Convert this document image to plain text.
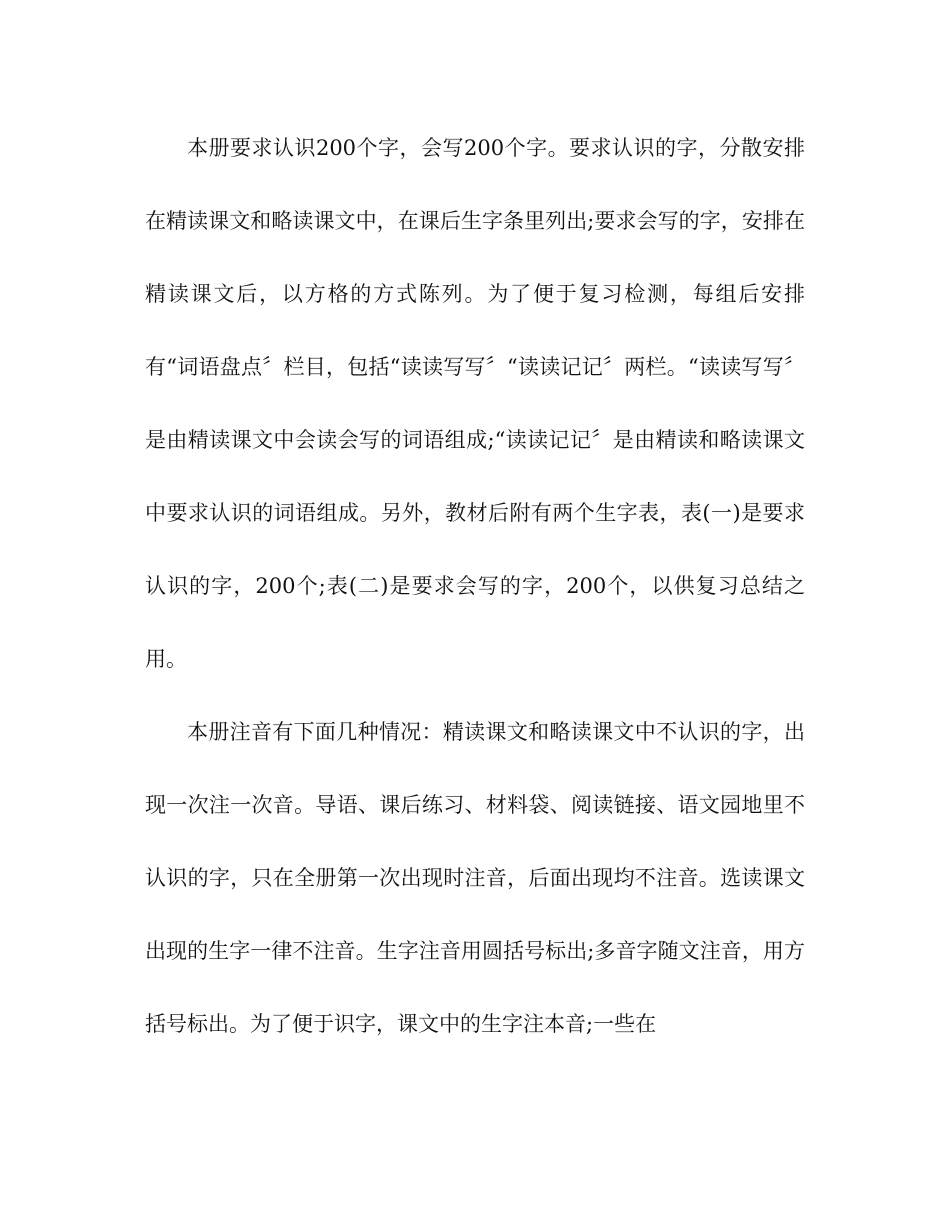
本册要求认识200个字，会写200个字。要求认识的字，分散安排在精读课文和略读课文中，在课后生字条里列出;要求会写的字，安排在精读课文后，以方格的方式陈列。为了便于复习检测，每组后安排有“词语盘点〞栏目，包括“读读写写〞“读读记记〞两栏。“读读写写〞是由精读课文中会读会写的词语组成;“读读记记〞是由精读和略读课文中要求认识的词语组成。另外，教材后附有两个生字表，表(一)是要求认识的字，200个;表(二)是要求会写的字，200个，以供复习总结之用。

本册注音有下面几种情况：精读课文和略读课文中不认识的字，出现一次注一次音。导语、课后练习、材料袋、阅读链接、语文园地里不认识的字，只在全册第一次出现时注音，后面出现均不注音。选读课文出现的生字一律不注音。生字注音用圆括号标出;多音字随文注音，用方括号标出。为了便于识字，课文中的生字注本音;一些在
